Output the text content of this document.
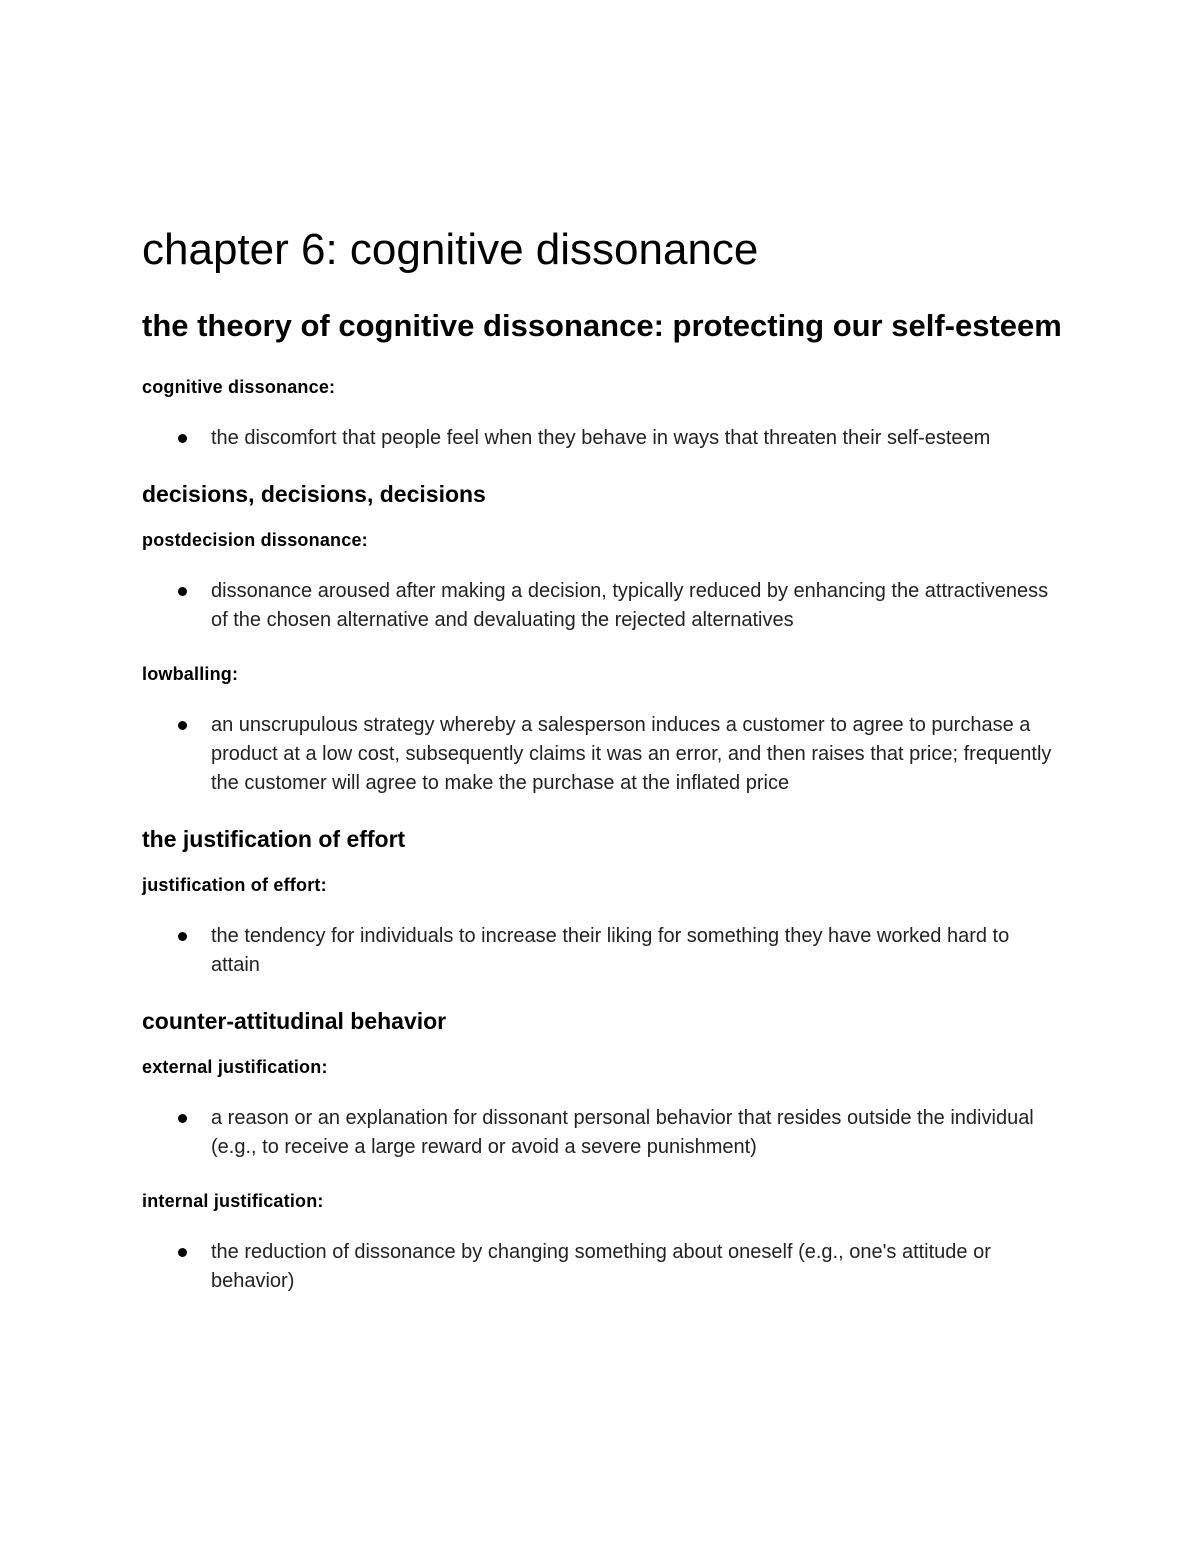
chapter 6: cognitive dissonance
the theory of cognitive dissonance: protecting our self-esteem
cognitive dissonance:
the discomfort that people feel when they behave in ways that threaten their self-esteem
decisions, decisions, decisions
postdecision dissonance:
dissonance aroused after making a decision, typically reduced by enhancing the attractiveness of the chosen alternative and devaluating the rejected alternatives
lowballing:
an unscrupulous strategy whereby a salesperson induces a customer to agree to purchase a product at a low cost, subsequently claims it was an error, and then raises that price; frequently the customer will agree to make the purchase at the inflated price
the justification of effort
justification of effort:
the tendency for individuals to increase their liking for something they have worked hard to attain
counter-attitudinal behavior
external justification:
a reason or an explanation for dissonant personal behavior that resides outside the individual (e.g., to receive a large reward or avoid a severe punishment)
internal justification:
the reduction of dissonance by changing something about oneself (e.g., one's attitude or behavior)
